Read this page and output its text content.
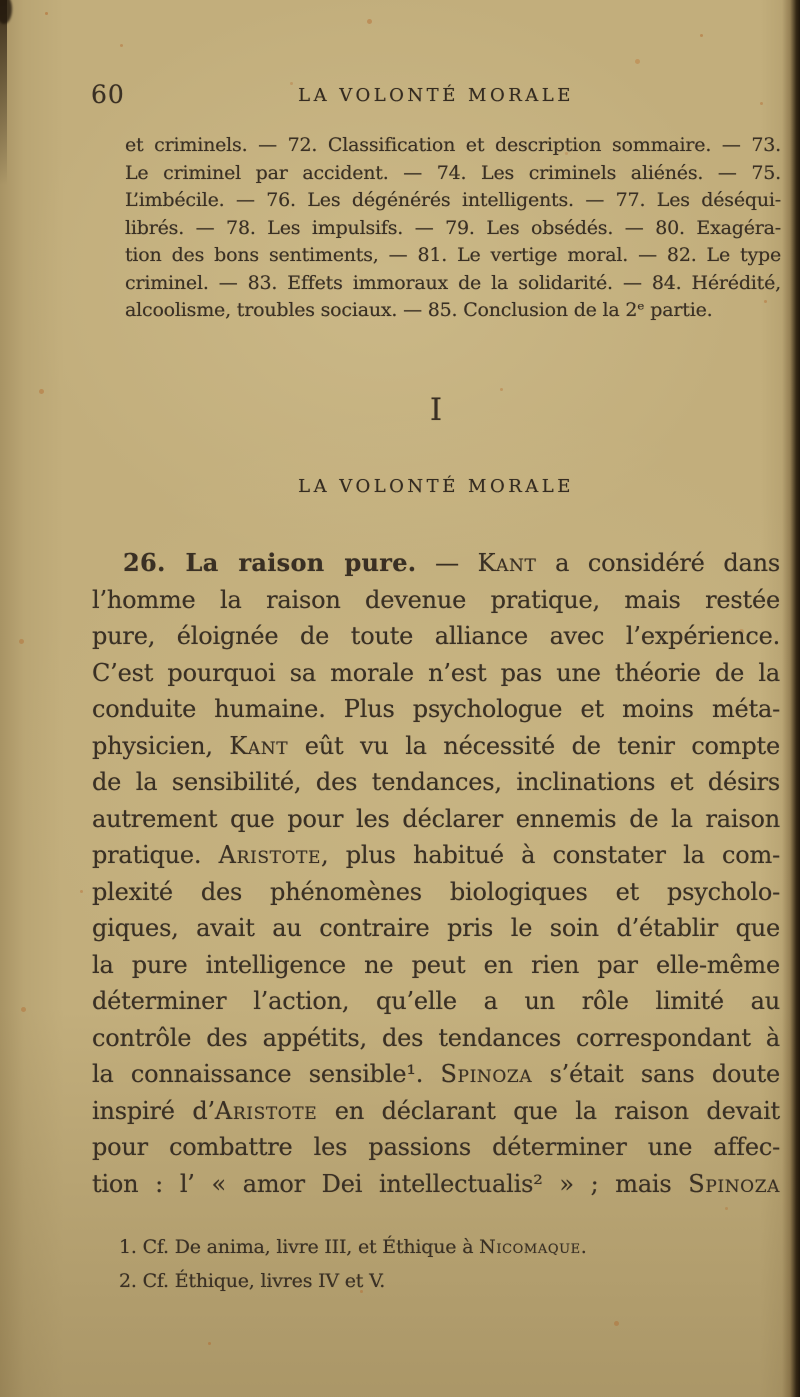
60	LA VOLONTÉ MORALE
et criminels. — 72. Classification et description sommaire. — 73.
Le criminel par accident. — 74. Les criminels aliénés. — 75.
L’imbécile. — 76. Les dégénérés intelligents. — 77. Les déséqui-
librés. — 78. Les impulsifs. — 79. Les obsédés. — 80. Exagéra-
tion des bons sentiments, — 81. Le vertige moral. — 82. Le type
criminel. — 83. Effets immoraux de la solidarité. — 84. Hérédité,
alcoolisme, troubles sociaux. — 85. Conclusion de la 2ᵉ partie.
I
LA VOLONTÉ MORALE
26. La raison pure. — Kant a considéré dans
l’homme la raison devenue pratique, mais restée
pure, éloignée de toute alliance avec l’expérience.
C’est pourquoi sa morale n’est pas une théorie de la
conduite humaine. Plus psychologue et moins méta-
physicien, Kant eût vu la nécessité de tenir compte
de la sensibilité, des tendances, inclinations et désirs
autrement que pour les déclarer ennemis de la raison
pratique. Aristote, plus habitué à constater la com-
plexité des phénomènes biologiques et psycholo-
giques, avait au contraire pris le soin d’établir que
la pure intelligence ne peut en rien par elle-même
déterminer l’action, qu’elle a un rôle limité au
contrôle des appétits, des tendances correspondant à
la connaissance sensible¹. Spinoza s’était sans doute
inspiré d’Aristote en déclarant que la raison devait
pour combattre les passions déterminer une affec-
tion : l’ « amor Dei intellectualis² » ; mais Spinoza
1. Cf. De anima, livre III, et Éthique à Nicomaque.
2. Cf. Éthique, livres IV et V.
